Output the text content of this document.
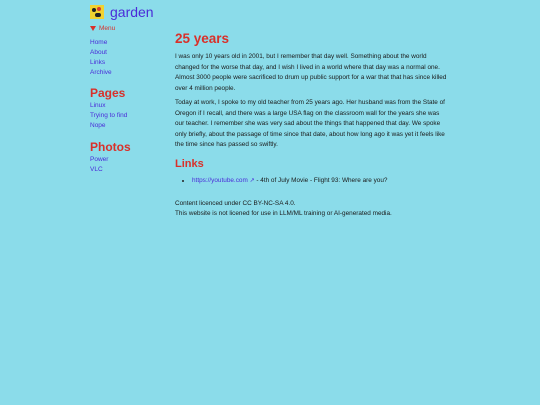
garden
Menu
Home
About
Links
Archive
Pages
Linux
Trying to find
Nope
Photos
Power
VLC
25 years

I was only 10 years old in 2001, but I remember that day well. Something about the world changed for the worse that day, and I wish I lived in a world where that day was a normal one. Almost 3000 people were sacrificed to drum up public support for a war that that has since killed over 4 million people.

Today at work, I spoke to my old teacher from 25 years ago. Her husband was from the State of Oregon if I recall, and there was a large USA flag on the classroom wall for the years she was our teacher. I remember she was very sad about the things that happened that day. We spoke only briefly, about the passage of time since that date, about how long ago it was yet it feels like the time since has passed so swiftly.

Links
• https://youtube.com ↗ - 4th of July Movie - Flight 93: Where are you?
Content licenced under CC BY-NC-SA 4.0.
This website is not licened for use in LLM/ML training or AI-generated media.
